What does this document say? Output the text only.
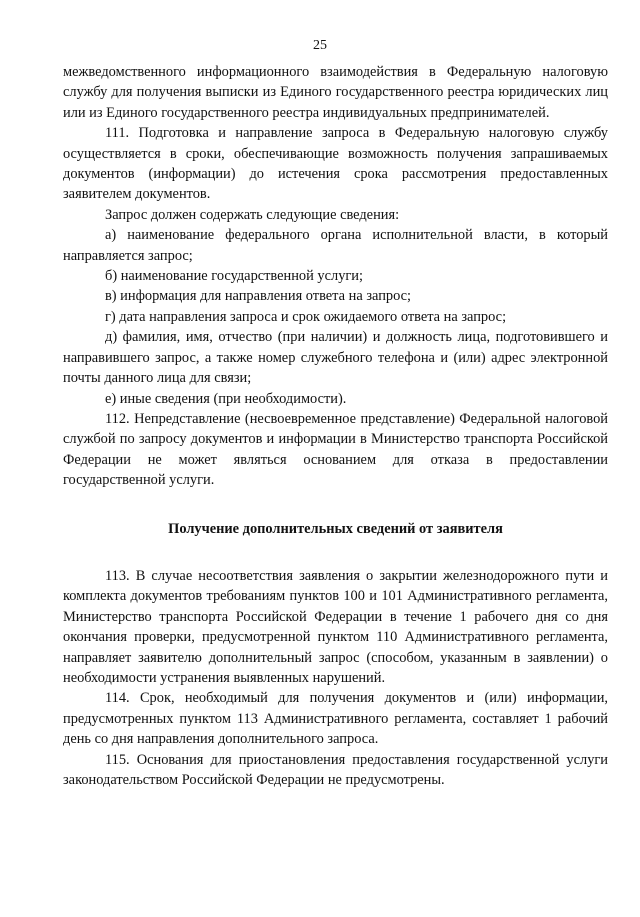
25

межведомственного информационного взаимодействия в Федеральную налоговую службу для получения выписки из Единого государственного реестра юридических лиц или из Единого государственного реестра индивидуальных предпринимателей.

111. Подготовка и направление запроса в Федеральную налоговую службу осуществляется в сроки, обеспечивающие возможность получения запрашиваемых документов (информации) до истечения срока рассмотрения предоставленных заявителем документов.

Запрос должен содержать следующие сведения:

а) наименование федерального органа исполнительной власти, в который направляется запрос;

б) наименование государственной услуги;

в) информация для направления ответа на запрос;

г) дата направления запроса и срок ожидаемого ответа на запрос;

д) фамилия, имя, отчество (при наличии) и должность лица, подготовившего и направившего запрос, а также номер служебного телефона и (или) адрес электронной почты данного лица для связи;

е) иные сведения (при необходимости).

112. Непредставление (несвоевременное представление) Федеральной налоговой службой по запросу документов и информации в Министерство транспорта Российской Федерации не может являться основанием для отказа в предоставлении государственной услуги.

Получение дополнительных сведений от заявителя

113. В случае несоответствия заявления о закрытии железнодорожного пути и комплекта документов требованиям пунктов 100 и 101 Административного регламента, Министерство транспорта Российской Федерации в течение 1 рабочего дня со дня окончания проверки, предусмотренной пунктом 110 Административного регламента, направляет заявителю дополнительный запрос (способом, указанным в заявлении) о необходимости устранения выявленных нарушений.

114. Срок, необходимый для получения документов и (или) информации, предусмотренных пунктом 113 Административного регламента, составляет 1 рабочий день со дня направления дополнительного запроса.

115. Основания для приостановления предоставления государственной услуги законодательством Российской Федерации не предусмотрены.
